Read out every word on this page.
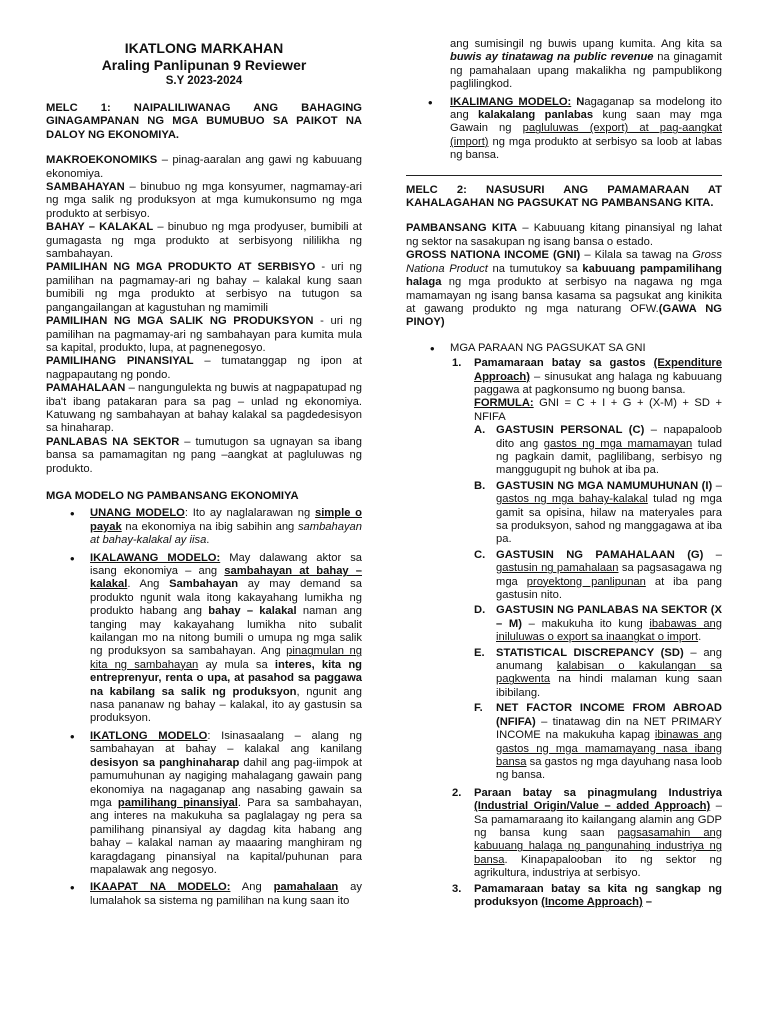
IKATLONG MARKAHAN

Araling Panlipunan 9 Reviewer

S.Y 2023-2024

MELC 1: NAIPALILIWANAG ANG BAHAGING GINAGAMPANAN NG MGA BUMUBUO SA PAIKOT NA DALOY NG EKONOMIYA.

MAKROEKONOMIKS – pinag-aaralan ang gawi ng kabuuang ekonomiya.

SAMBAHAYAN – binubuo ng mga konsyumer, nagmamay-ari ng mga salik ng produksyon at mga kumukonsumo ng mga produkto at serbisyo.

BAHAY – KALAKAL – binubuo ng mga prodyuser, bumibili at gumagasta ng mga produkto at serbisyong nililikha ng sambahayan.

PAMILIHAN NG MGA PRODUKTO AT SERBISYO - uri ng pamilihan na pagmamay-ari ng bahay – kalakal kung saan bumibili ng mga produkto at serbisyo na tutugon sa pangangailangan at kagustuhan ng mamimili

PAMILIHAN NG MGA SALIK NG PRODUKSYON - uri ng pamilihan na pagmamay-ari ng sambahayan para kumita mula sa kapital, produkto, lupa, at pagnenegosyo.

PAMILIHANG PINANSIYAL – tumatanggap ng ipon at nagpapautang ng pondo.

PAMAHALAAN – nangungulekta ng buwis at nagpapatupad ng iba't ibang patakaran para sa pag – unlad ng ekonomiya. Katuwang ng sambahayan at bahay kalakal sa pagdedesisyon sa hinaharap.

PANLABAS NA SEKTOR – tumutugon sa ugnayan sa ibang bansa sa pamamagitan ng pang –aangkat at pagluluwas ng produkto.

MGA MODELO NG PAMBANSANG EKONOMIYA

• UNANG MODELO: Ito ay naglalarawan ng simple o payak na ekonomiya na ibig sabihin ang sambahayan at bahay-kalakal ay iisa.
• IKALAWANG MODELO: May dalawang aktor sa isang ekonomiya – ang sambahayan at bahay – kalakal. Ang Sambahayan ay may demand sa produkto ngunit wala itong kakayahang lumikha ng produkto habang ang bahay – kalakal naman ang tanging may kakayahang lumikha nito subalit kailangan mo na nitong bumili o umupa ng mga salik ng produksyon sa sambahayan. Ang pinagmulan ng kita ng sambahayan ay mula sa interes, kita ng entreprenyur, renta o upa, at pasahod sa paggawa na kabilang sa salik ng produksyon, ngunit ang nasa pananaw ng bahay – kalakal, ito ay gastusin sa produksyon.
• IKATLONG MODELO: Isinasaalang – alang ng sambahayan at bahay – kalakal ang kanilang desisyon sa panghinaharap dahil ang pag-iimpok at pamumuhunan ay nagiging mahalagang gawain pang ekonomiya na nagaganap ang nasabing gawain sa mga pamilihang pinansiyal. Para sa sambahayan, ang interes na makukuha sa paglalagay ng pera sa pamilihang pinansiyal ay dagdag kita habang ang bahay – kalakal naman ay maaaring manghiram ng karagdagang pinansiyal na kapital/puhunan para mapalawak ang negosyo.
• IKAAPAT NA MODELO: Ang pamahalaan ay lumalahok sa sistema ng pamilihan na kung saan ito

ang sumisingil ng buwis upang kumita. Ang kita sa buwis ay tinatawag na public revenue na ginagamit ng pamahalaan upang makalikha ng pampublikong paglilingkod.

• IKALIMANG MODELO: Nagaganap sa modelong ito ang kalakalang panlabas kung saan may mga Gawain ng pagluluwas (export) at pag-aangkat (import) ng mga produkto at serbisyo sa loob at labas ng bansa.

MELC 2: NASUSURI ANG PAMAMARAAN AT KAHALAGAHAN NG PAGSUKAT NG PAMBANSANG KITA.

PAMBANSANG KITA – Kabuuang kitang pinansiyal ng lahat ng sektor na sasakupan ng isang bansa o estado.

GROSS NATIONA INCOME (GNI) – Kilala sa tawag na Gross Nationa Product na tumutukoy sa kabuuang pampamilihang halaga ng mga produkto at serbisyo na nagawa ng mga mamamayan ng isang bansa kasama sa pagsukat ang kinikita at gawang produkto ng mga naturang OFW.(GAWA NG PINOY)

• MGA PARAAN NG PAGSUKAT SA GNI
1. Pamamaraan batay sa gastos (Expenditure Approach) – sinusukat ang halaga ng kabuuang paggawa at pagkonsumo ng buong bansa.
FORMULA: GNI = C + I + G + (X-M) + SD + NFIFA
A. GASTUSIN PERSONAL (C) – napapaloob dito ang gastos ng mga mamamayan tulad ng pagkain damit, paglilibang, serbisyo ng manggugupit ng buhok at iba pa.
B. GASTUSIN NG MGA NAMUMUHUNAN (I) – gastos ng mga bahay-kalakal tulad ng mga gamit sa opisina, hilaw na materyales para sa produksyon, sahod ng manggagawa at iba pa.
C. GASTUSIN NG PAMAHALAAN (G) – gastusin ng pamahalaan sa pagsasagawa ng mga proyektong panlipunan at iba pang gastusin nito.
D. GASTUSIN NG PANLABAS NA SEKTOR (X – M) – makukuha ito kung ibabawas ang iniluluwas o export sa inaangkat o import.
E. STATISTICAL DISCREPANCY (SD) – ang anumang kalabisan o kakulangan sa pagkwenta na hindi malaman kung saan ibibilang.
F. NET FACTOR INCOME FROM ABROAD (NFIFA) – tinatawag din na NET PRIMARY INCOME na makukuha kapag ibinawas ang gastos ng mga mamamayang nasa ibang bansa sa gastos ng mga dayuhang nasa loob ng bansa.
2. Paraan batay sa pinagmulang Industriya (Industrial Origin/Value – added Approach) – Sa pamamaraang ito kailangang alamin ang GDP ng bansa kung saan pagsasamahin ang kabuuang halaga ng pangunahing industriya ng bansa. Kinapapalooban ito ng sektor ng agrikultura, industriya at serbisyo.
3. Pamamaraan batay sa kita ng sangkap ng produksyon (Income Approach) –
